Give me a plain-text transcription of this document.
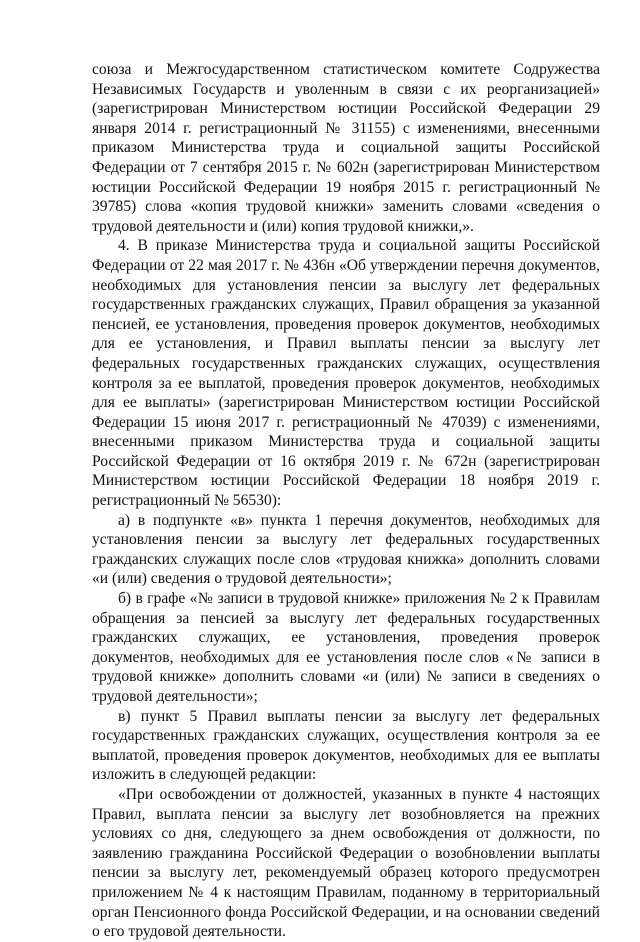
союза и Межгосударственном статистическом комитете Содружества Независимых Государств и уволенным в связи с их реорганизацией» (зарегистрирован Министерством юстиции Российской Федерации 29 января 2014 г. регистрационный № 31155) с изменениями, внесенными приказом Министерства труда и социальной защиты Российской Федерации от 7 сентября 2015 г. № 602н (зарегистрирован Министерством юстиции Российской Федерации 19 ноября 2015 г. регистрационный № 39785) слова «копия трудовой книжки» заменить словами «сведения о трудовой деятельности и (или) копия трудовой книжки,».

4. В приказе Министерства труда и социальной защиты Российской Федерации от 22 мая 2017 г. № 436н «Об утверждении перечня документов, необходимых для установления пенсии за выслугу лет федеральных государственных гражданских служащих, Правил обращения за указанной пенсией, ее установления, проведения проверок документов, необходимых для ее установления, и Правил выплаты пенсии за выслугу лет федеральных государственных гражданских служащих, осуществления контроля за ее выплатой, проведения проверок документов, необходимых для ее выплаты» (зарегистрирован Министерством юстиции Российской Федерации 15 июня 2017 г. регистрационный № 47039) с изменениями, внесенными приказом Министерства труда и социальной защиты Российской Федерации от 16 октября 2019 г. № 672н (зарегистрирован Министерством юстиции Российской Федерации 18 ноября 2019 г. регистрационный № 56530):

а) в подпункте «в» пункта 1 перечня документов, необходимых для установления пенсии за выслугу лет федеральных государственных гражданских служащих после слов «трудовая книжка» дополнить словами «и (или) сведения о трудовой деятельности»;

б) в графе «№ записи в трудовой книжке» приложения № 2 к Правилам обращения за пенсией за выслугу лет федеральных государственных гражданских служащих, ее установления, проведения проверок документов, необходимых для ее установления после слов «№ записи в трудовой книжке» дополнить словами «и (или) № записи в сведениях о трудовой деятельности»;

в) пункт 5 Правил выплаты пенсии за выслугу лет федеральных государственных гражданских служащих, осуществления контроля за ее выплатой, проведения проверок документов, необходимых для ее выплаты изложить в следующей редакции:

«При освобождении от должностей, указанных в пункте 4 настоящих Правил, выплата пенсии за выслугу лет возобновляется на прежних условиях со дня, следующего за днем освобождения от должности, по заявлению гражданина Российской Федерации о возобновлении выплаты пенсии за выслугу лет, рекомендуемый образец которого предусмотрен приложением № 4 к настоящим Правилам, поданному в территориальный орган Пенсионного фонда Российской Федерации, и на основании сведений о его трудовой деятельности.
